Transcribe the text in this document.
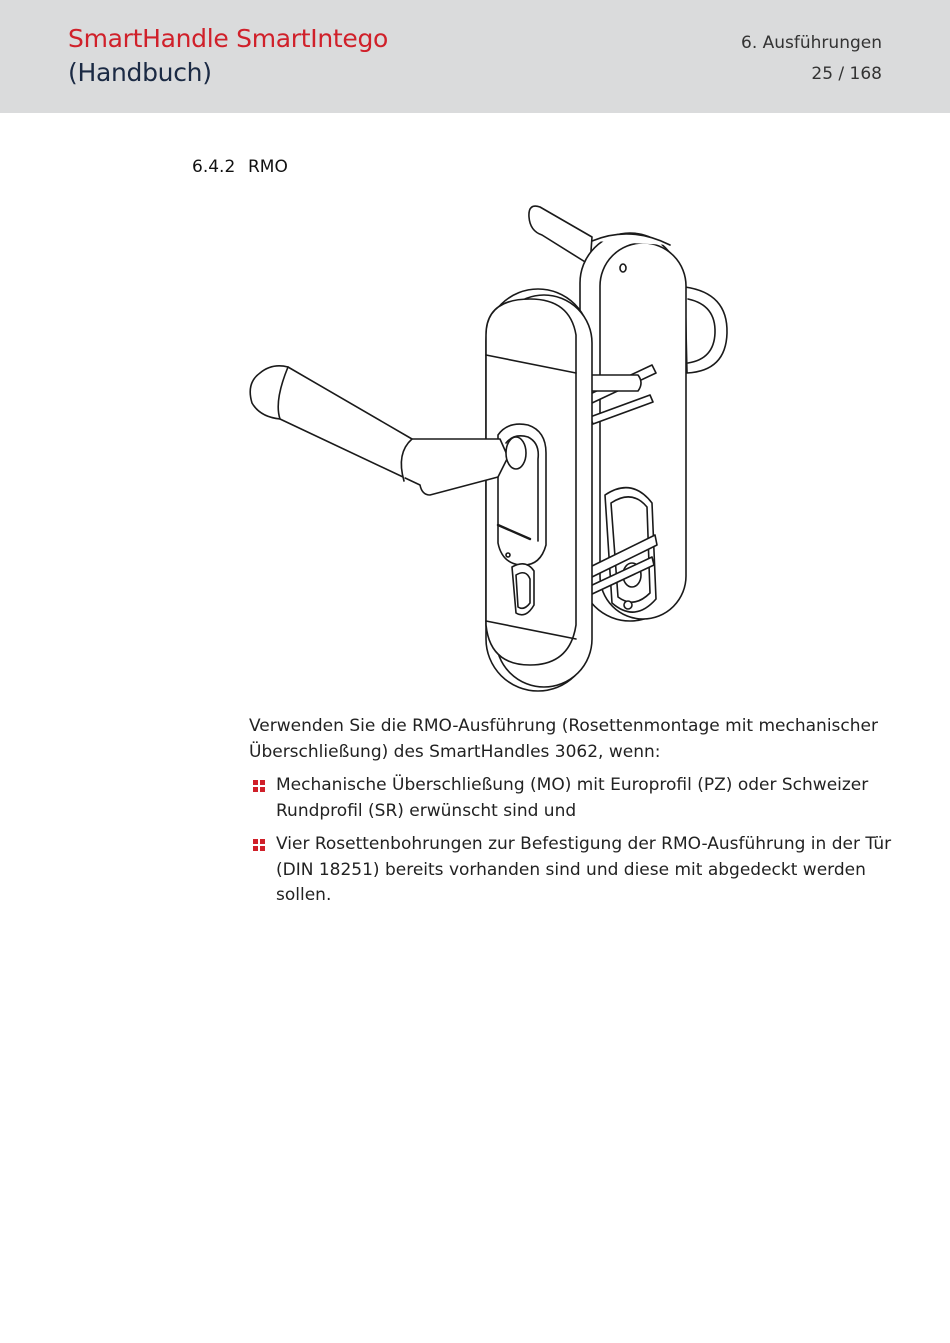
SmartHandle SmartIntego
(Handbuch)
6. Ausführungen
25 / 168
6.4.2 RMO

Verwenden Sie die RMO-Ausführung (Rosettenmontage mit mechanischer Überschließung) des SmartHandles 3062, wenn:

Mechanische Überschließung (MO) mit Europrofil (PZ) oder Schweizer Rundprofil (SR) erwünscht sind und
Vier Rosettenbohrungen zur Befestigung der RMO-Ausführung in der Tür (DIN 18251) bereits vorhanden sind und diese mit abgedeckt werden sollen.
